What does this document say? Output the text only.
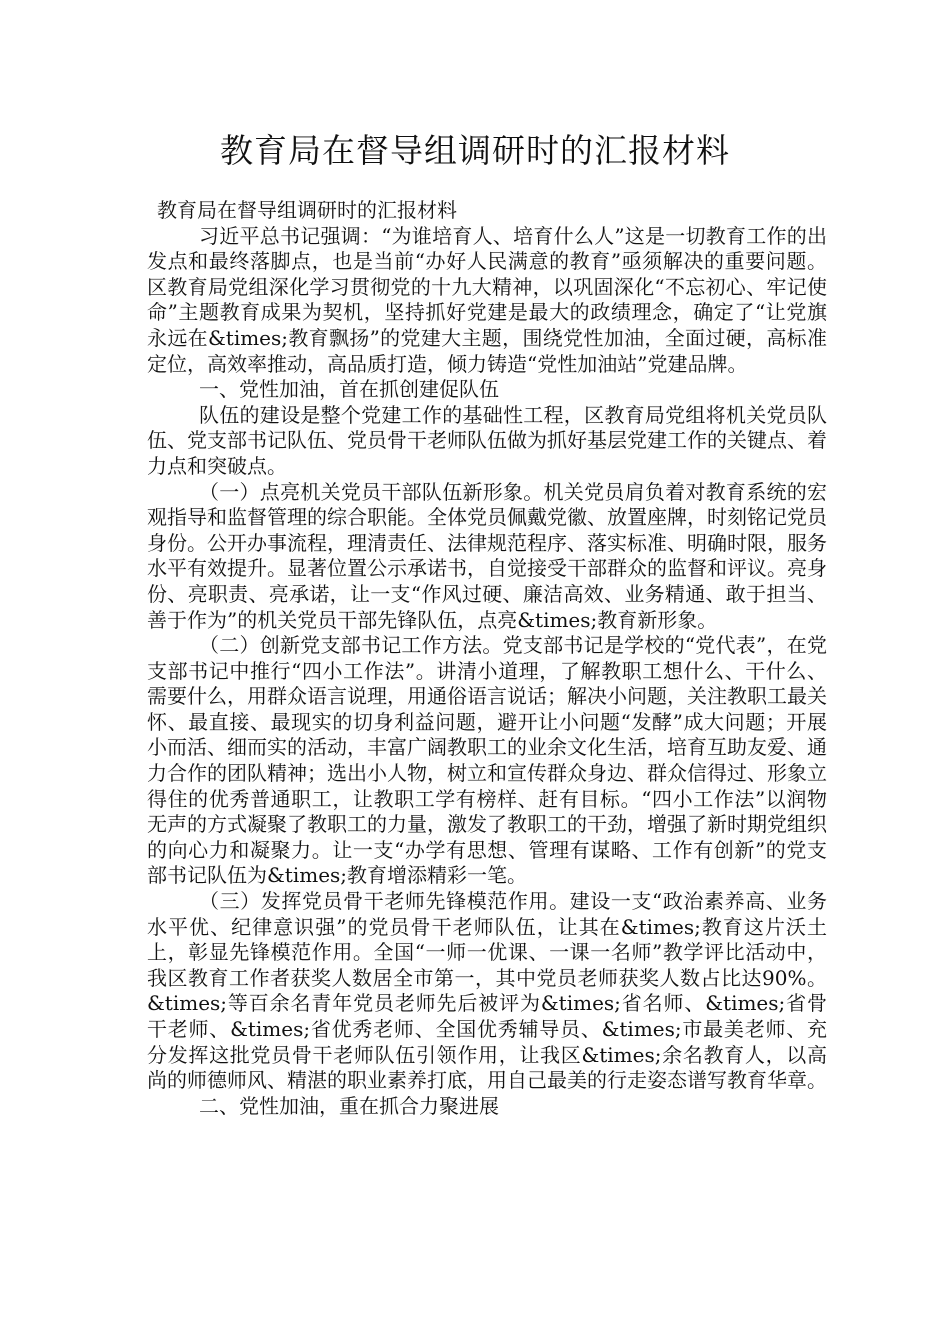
教育局在督导组调研时的汇报材料

教育局在督导组调研时的汇报材料

习近平总书记强调：“为谁培育人、培育什么人”这是一切教育工作的出发点和最终落脚点，也是当前“办好人民满意的教育”亟须解决的重要问题。区教育局党组深化学习贯彻党的十九大精神，以巩固深化“不忘初心、牢记使命”主题教育成果为契机，坚持抓好党建是最大的政绩理念，确定了“让党旗永远在&times;教育飘扬”的党建大主题，围绕党性加油，全面过硬，高标准定位，高效率推动，高品质打造，倾力铸造“党性加油站”党建品牌。

一、党性加油，首在抓创建促队伍

队伍的建设是整个党建工作的基础性工程，区教育局党组将机关党员队伍、党支部书记队伍、党员骨干老师队伍做为抓好基层党建工作的关键点、着力点和突破点。

（一）点亮机关党员干部队伍新形象。机关党员肩负着对教育系统的宏观指导和监督管理的综合职能。全体党员佩戴党徽、放置座牌，时刻铭记党员身份。公开办事流程，理清责任、法律规范程序、落实标准、明确时限，服务水平有效提升。显著位置公示承诺书，自觉接受干部群众的监督和评议。亮身份、亮职责、亮承诺，让一支“作风过硬、廉洁高效、业务精通、敢于担当、善于作为”的机关党员干部先锋队伍，点亮&times;教育新形象。

（二）创新党支部书记工作方法。党支部书记是学校的“党代表”，在党支部书记中推行“四小工作法”。讲清小道理，了解教职工想什么、干什么、需要什么，用群众语言说理，用通俗语言说话；解决小问题，关注教职工最关怀、最直接、最现实的切身利益问题，避开让小问题“发酵”成大问题；开展小而活、细而实的活动，丰富广阔教职工的业余文化生活，培育互助友爱、通力合作的团队精神；选出小人物，树立和宣传群众身边、群众信得过、形象立得住的优秀普通职工，让教职工学有榜样、赶有目标。“四小工作法”以润物无声的方式凝聚了教职工的力量，激发了教职工的干劲，增强了新时期党组织的向心力和凝聚力。让一支“办学有思想、管理有谋略、工作有创新”的党支部书记队伍为&times;教育增添精彩一笔。

（三）发挥党员骨干老师先锋模范作用。建设一支“政治素养高、业务水平优、纪律意识强”的党员骨干老师队伍，让其在&times;教育这片沃土上，彰显先锋模范作用。全国“一师一优课、一课一名师”教学评比活动中，我区教育工作者获奖人数居全市第一，其中党员老师获奖人数占比达90%。&times;等百余名青年党员老师先后被评为&times;省名师、&times;省骨干老师、&times;省优秀老师、全国优秀辅导员、&times;市最美老师、充分发挥这批党员骨干老师队伍引领作用，让我区&times;余名教育人，以高尚的师德师风、精湛的职业素养打底，用自己最美的行走姿态谱写教育华章。

二、党性加油，重在抓合力聚进展
